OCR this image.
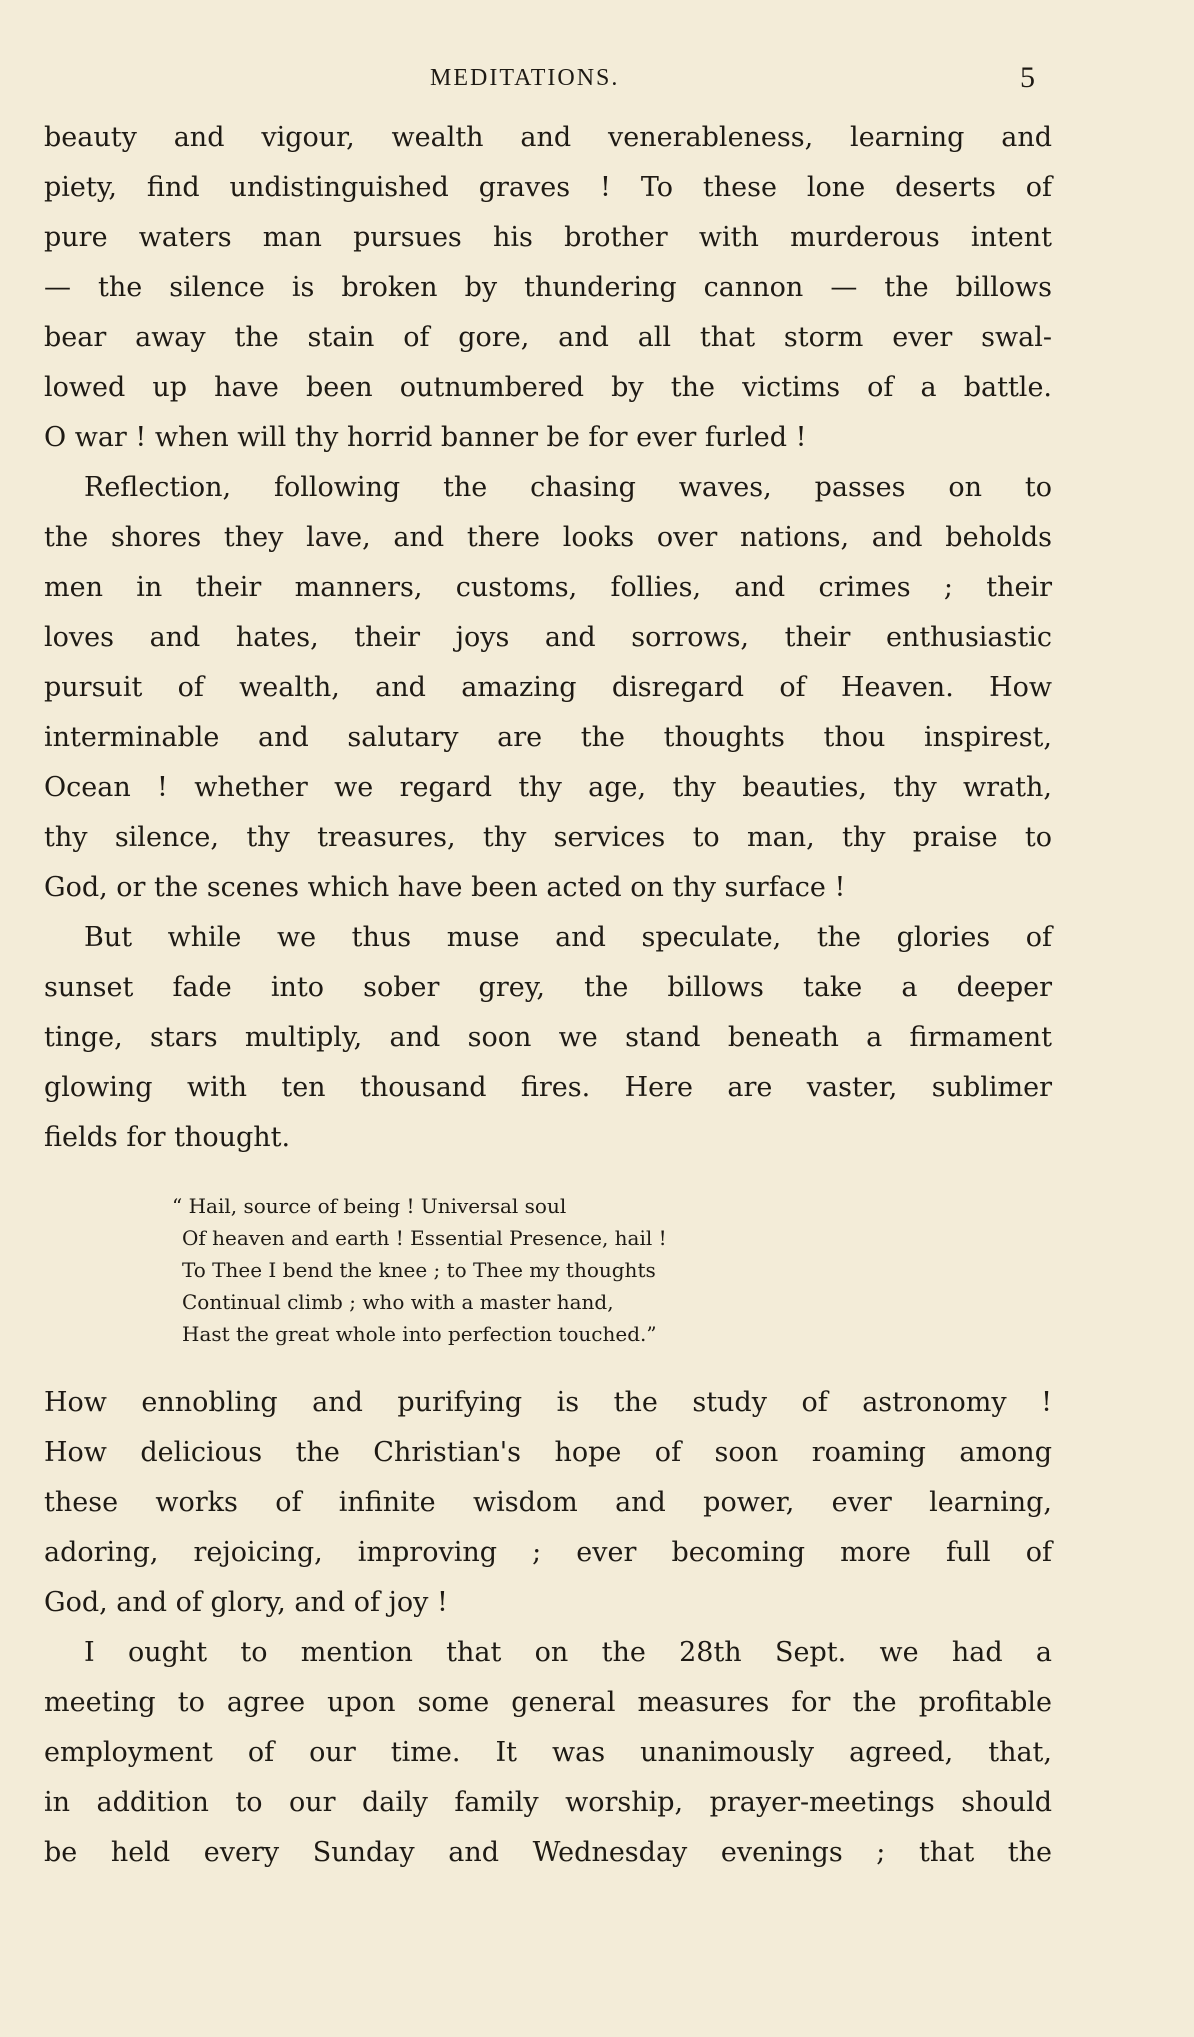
MEDITATIONS.	5
beauty and vigour, wealth and venerableness, learning and
piety, find undistinguished graves ! To these lone deserts of
pure waters man pursues his brother with murderous intent
— the silence is broken by thundering cannon — the billows
bear away the stain of gore, and all that storm ever swal-
lowed up have been outnumbered by the victims of a battle.
O war ! when will thy horrid banner be for ever furled !
Reflection, following the chasing waves, passes on to
the shores they lave, and there looks over nations, and beholds
men in their manners, customs, follies, and crimes ; their
loves and hates, their joys and sorrows, their enthusiastic
pursuit of wealth, and amazing disregard of Heaven. How
interminable and salutary are the thoughts thou inspirest,
Ocean ! whether we regard thy age, thy beauties, thy wrath,
thy silence, thy treasures, thy services to man, thy praise to
God, or the scenes which have been acted on thy surface !
But while we thus muse and speculate, the glories of
sunset fade into sober grey, the billows take a deeper
tinge, stars multiply, and soon we stand beneath a firmament
glowing with ten thousand fires. Here are vaster, sublimer
fields for thought.
“ Hail, source of being ! Universal soul
Of heaven and earth ! Essential Presence, hail !
To Thee I bend the knee ; to Thee my thoughts
Continual climb ; who with a master hand,
Hast the great whole into perfection touched.”
How ennobling and purifying is the study of astronomy !
How delicious the Christian's hope of soon roaming among
these works of infinite wisdom and power, ever learning,
adoring, rejoicing, improving ; ever becoming more full of
God, and of glory, and of joy !
I ought to mention that on the 28th Sept. we had a
meeting to agree upon some general measures for the profitable
employment of our time. It was unanimously agreed, that,
in addition to our daily family worship, prayer-meetings should
be held every Sunday and Wednesday evenings ; that the
